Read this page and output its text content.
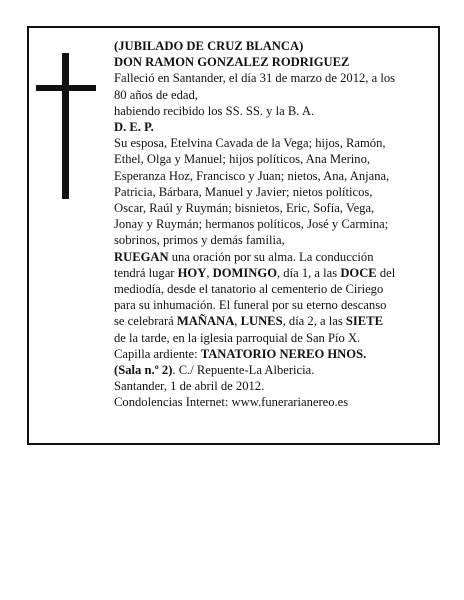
(JUBILADO DE CRUZ BLANCA)
DON RAMON GONZALEZ RODRIGUEZ
Falleció en Santander, el día 31 de marzo de 2012, a los
80 años de edad,
habiendo recibido los SS. SS. y la B. A.
D. E. P.
Su esposa, Etelvina Cavada de la Vega; hijos, Ramón,
Ethel, Olga y Manuel; hijos políticos, Ana Merino,
Esperanza Hoz, Francisco y Juan; nietos, Ana, Anjana,
Patricia, Bárbara, Manuel y Javier; nietos políticos,
Oscar, Raúl y Ruymán; bisnietos, Eric, Sofía, Vega,
Jonay y Ruymán; hermanos políticos, José y Carmina;
sobrinos, primos y demás familia,
RUEGAN una oración por su alma. La conducción
tendrá lugar HOY, DOMINGO, día 1, a las DOCE del
mediodía, desde el tanatorio al cementerio de Ciriego
para su inhumación. El funeral por su eterno descanso
se celebrará MAÑANA, LUNES, día 2, a las SIETE
de la tarde, en la iglesia parroquial de San Pío X.
Capilla ardiente: TANATORIO NEREO HNOS.
(Sala n.º 2). C./ Repuente-La Albericia.
Santander, 1 de abril de 2012.
Condolencias Internet: www.funerarianereo.es
